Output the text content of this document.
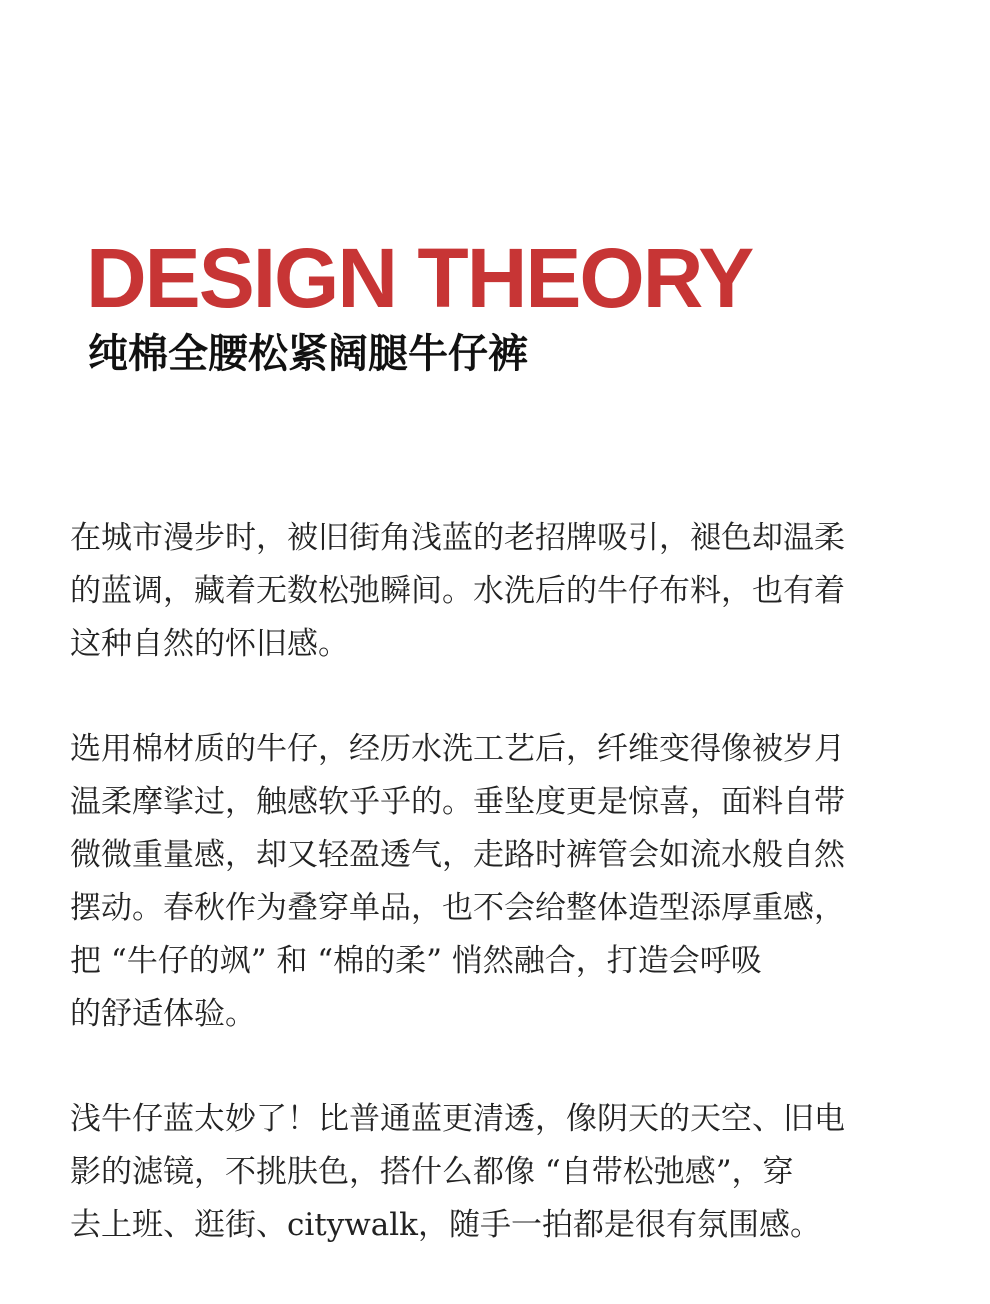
DESIGN THEORY
纯棉全腰松紧阔腿牛仔裤

在城市漫步时，被旧街角浅蓝的老招牌吸引，褪色却温柔
的蓝调，藏着无数松弛瞬间。水洗后的牛仔布料，也有着
这种自然的怀旧感。

选用棉材质的牛仔，经历水洗工艺后，纤维变得像被岁月
温柔摩挲过，触感软乎乎的。垂坠度更是惊喜，面料自带
微微重量感，却又轻盈透气，走路时裤管会如流水般自然
摆动。春秋作为叠穿单品，也不会给整体造型添厚重感，
把 “牛仔的飒” 和 “棉的柔” 悄然融合，打造会呼吸
的舒适体验。

浅牛仔蓝太妙了！比普通蓝更清透，像阴天的天空、旧电
影的滤镜，不挑肤色，搭什么都像 “自带松弛感”，穿
去上班、逛街、citywalk，随手一拍都是很有氛围感。
